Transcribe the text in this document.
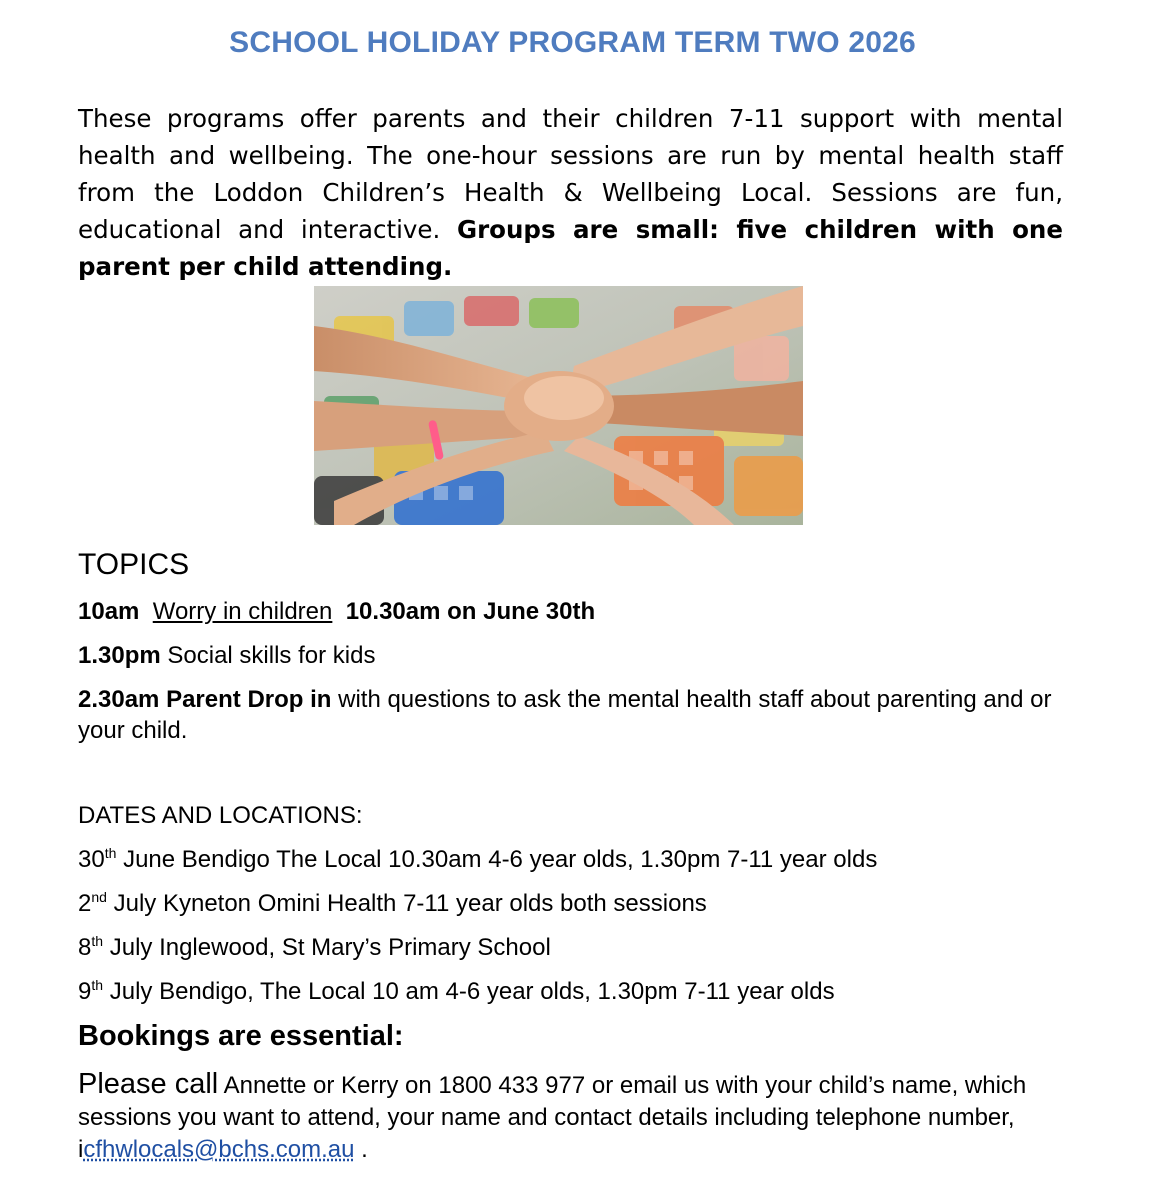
SCHOOL HOLIDAY PROGRAM TERM TWO 2026
These programs offer parents and their children 7-11 support with mental health and wellbeing. The one-hour sessions are run by mental health staff from the Loddon Children’s Health & Wellbeing Local. Sessions are fun, educational and interactive. Groups are small: five children with one parent per child attending.
TOPICS
10am Worry in children 10.30am on June 30th
1.30pm Social skills for kids
2.30am Parent Drop in with questions to ask the mental health staff about parenting and or your child.
DATES AND LOCATIONS:
30th June Bendigo The Local 10.30am 4-6 year olds, 1.30pm 7-11 year olds
2nd July Kyneton Omini Health 7-11 year olds both sessions
8th July Inglewood, St Mary’s Primary School
9th July Bendigo, The Local 10 am 4-6 year olds, 1.30pm 7-11 year olds
Bookings are essential:
Please call Annette or Kerry on 1800 433 977 or email us with your child’s name, which sessions you want to attend, your name and contact details including telephone number, icfhwlocals@bchs.com.au .
